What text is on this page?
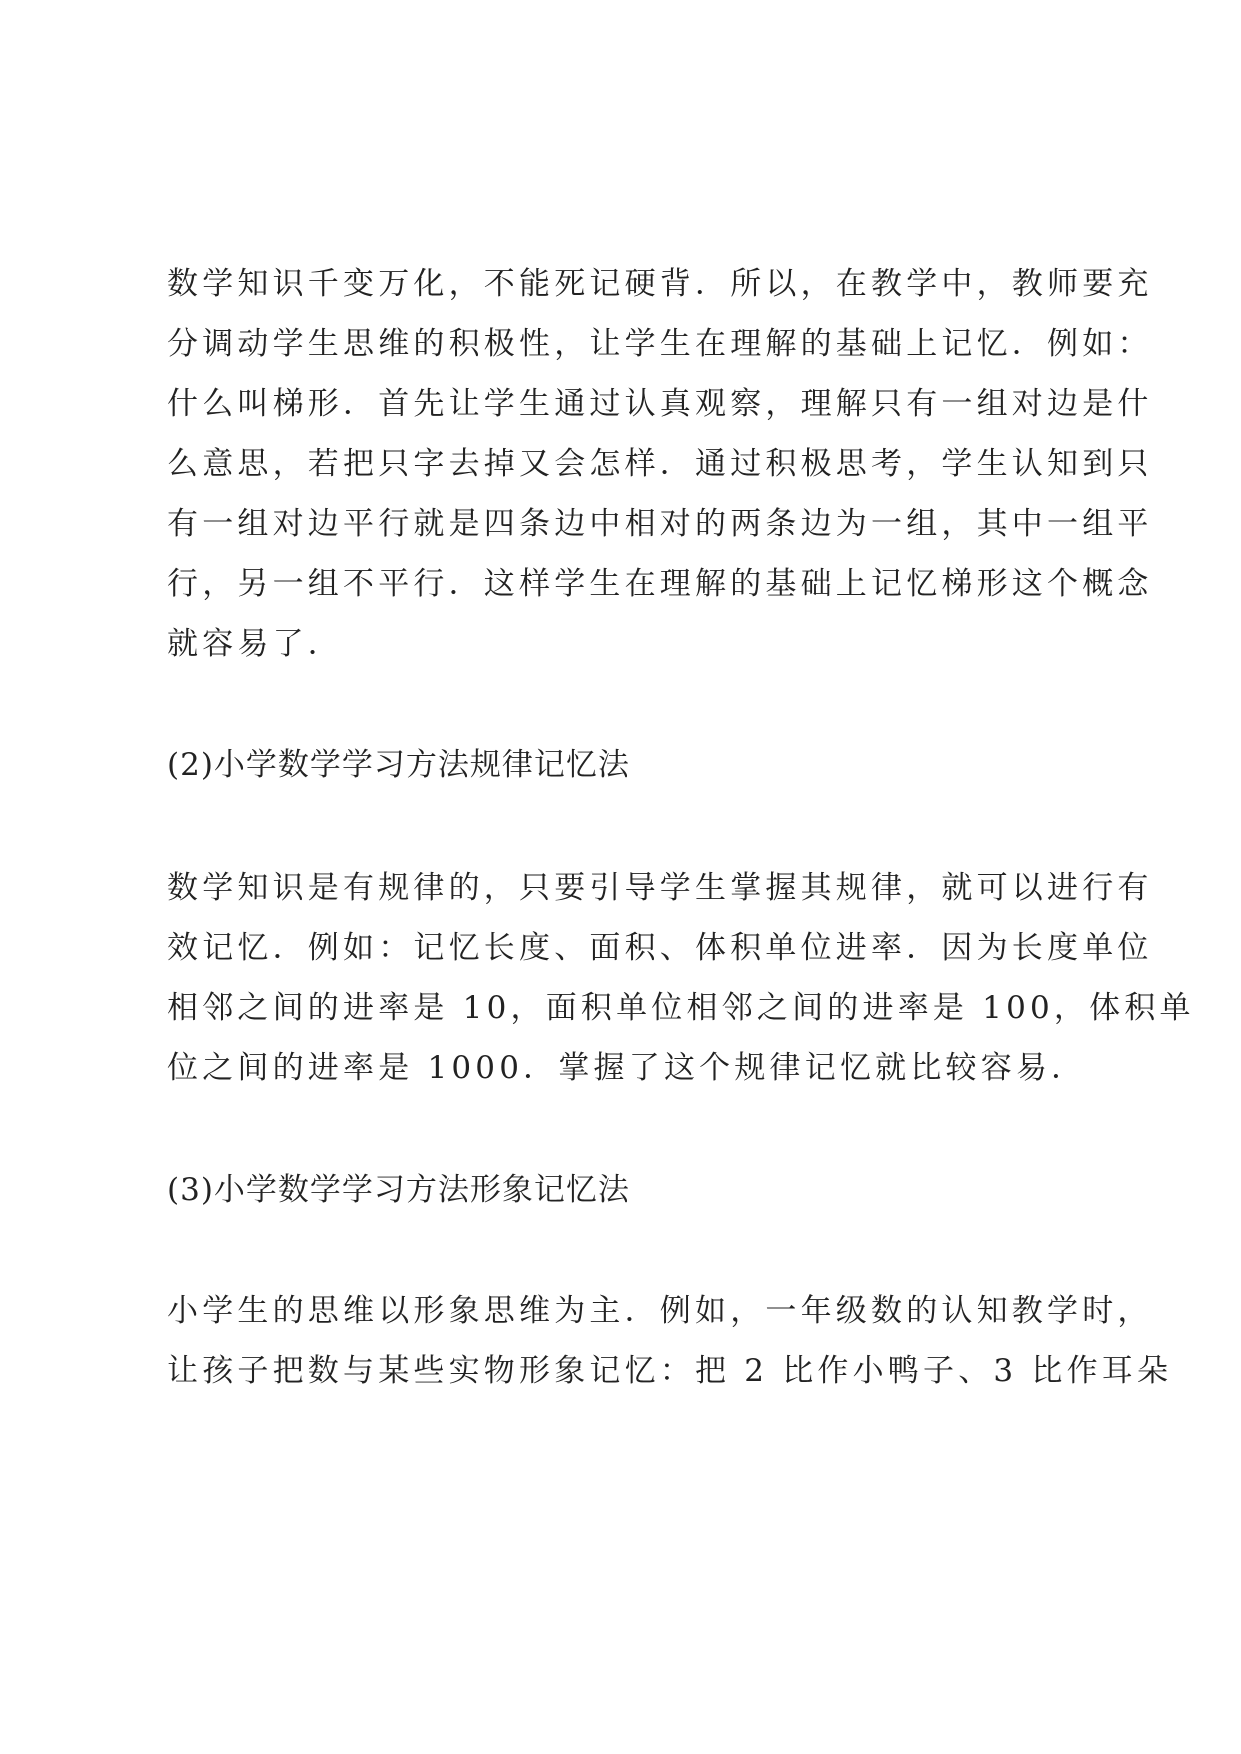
数学知识千变万化，不能死记硬背．所以，在教学中，教师要充
分调动学生思维的积极性，让学生在理解的基础上记忆．例如：
什么叫梯形．首先让学生通过认真观察，理解只有一组对边是什
么意思，若把只字去掉又会怎样．通过积极思考，学生认知到只
有一组对边平行就是四条边中相对的两条边为一组，其中一组平
行，另一组不平行．这样学生在理解的基础上记忆梯形这个概念
就容易了．
(2)小学数学学习方法规律记忆法
数学知识是有规律的，只要引导学生掌握其规律，就可以进行有
效记忆．例如：记忆长度、面积、体积单位进率．因为长度单位
相邻之间的进率是 10，面积单位相邻之间的进率是 100，体积单
位之间的进率是 1000．掌握了这个规律记忆就比较容易．
(3)小学数学学习方法形象记忆法
小学生的思维以形象思维为主．例如，一年级数的认知教学时，
让孩子把数与某些实物形象记忆：把 2 比作小鸭子、3 比作耳朵
